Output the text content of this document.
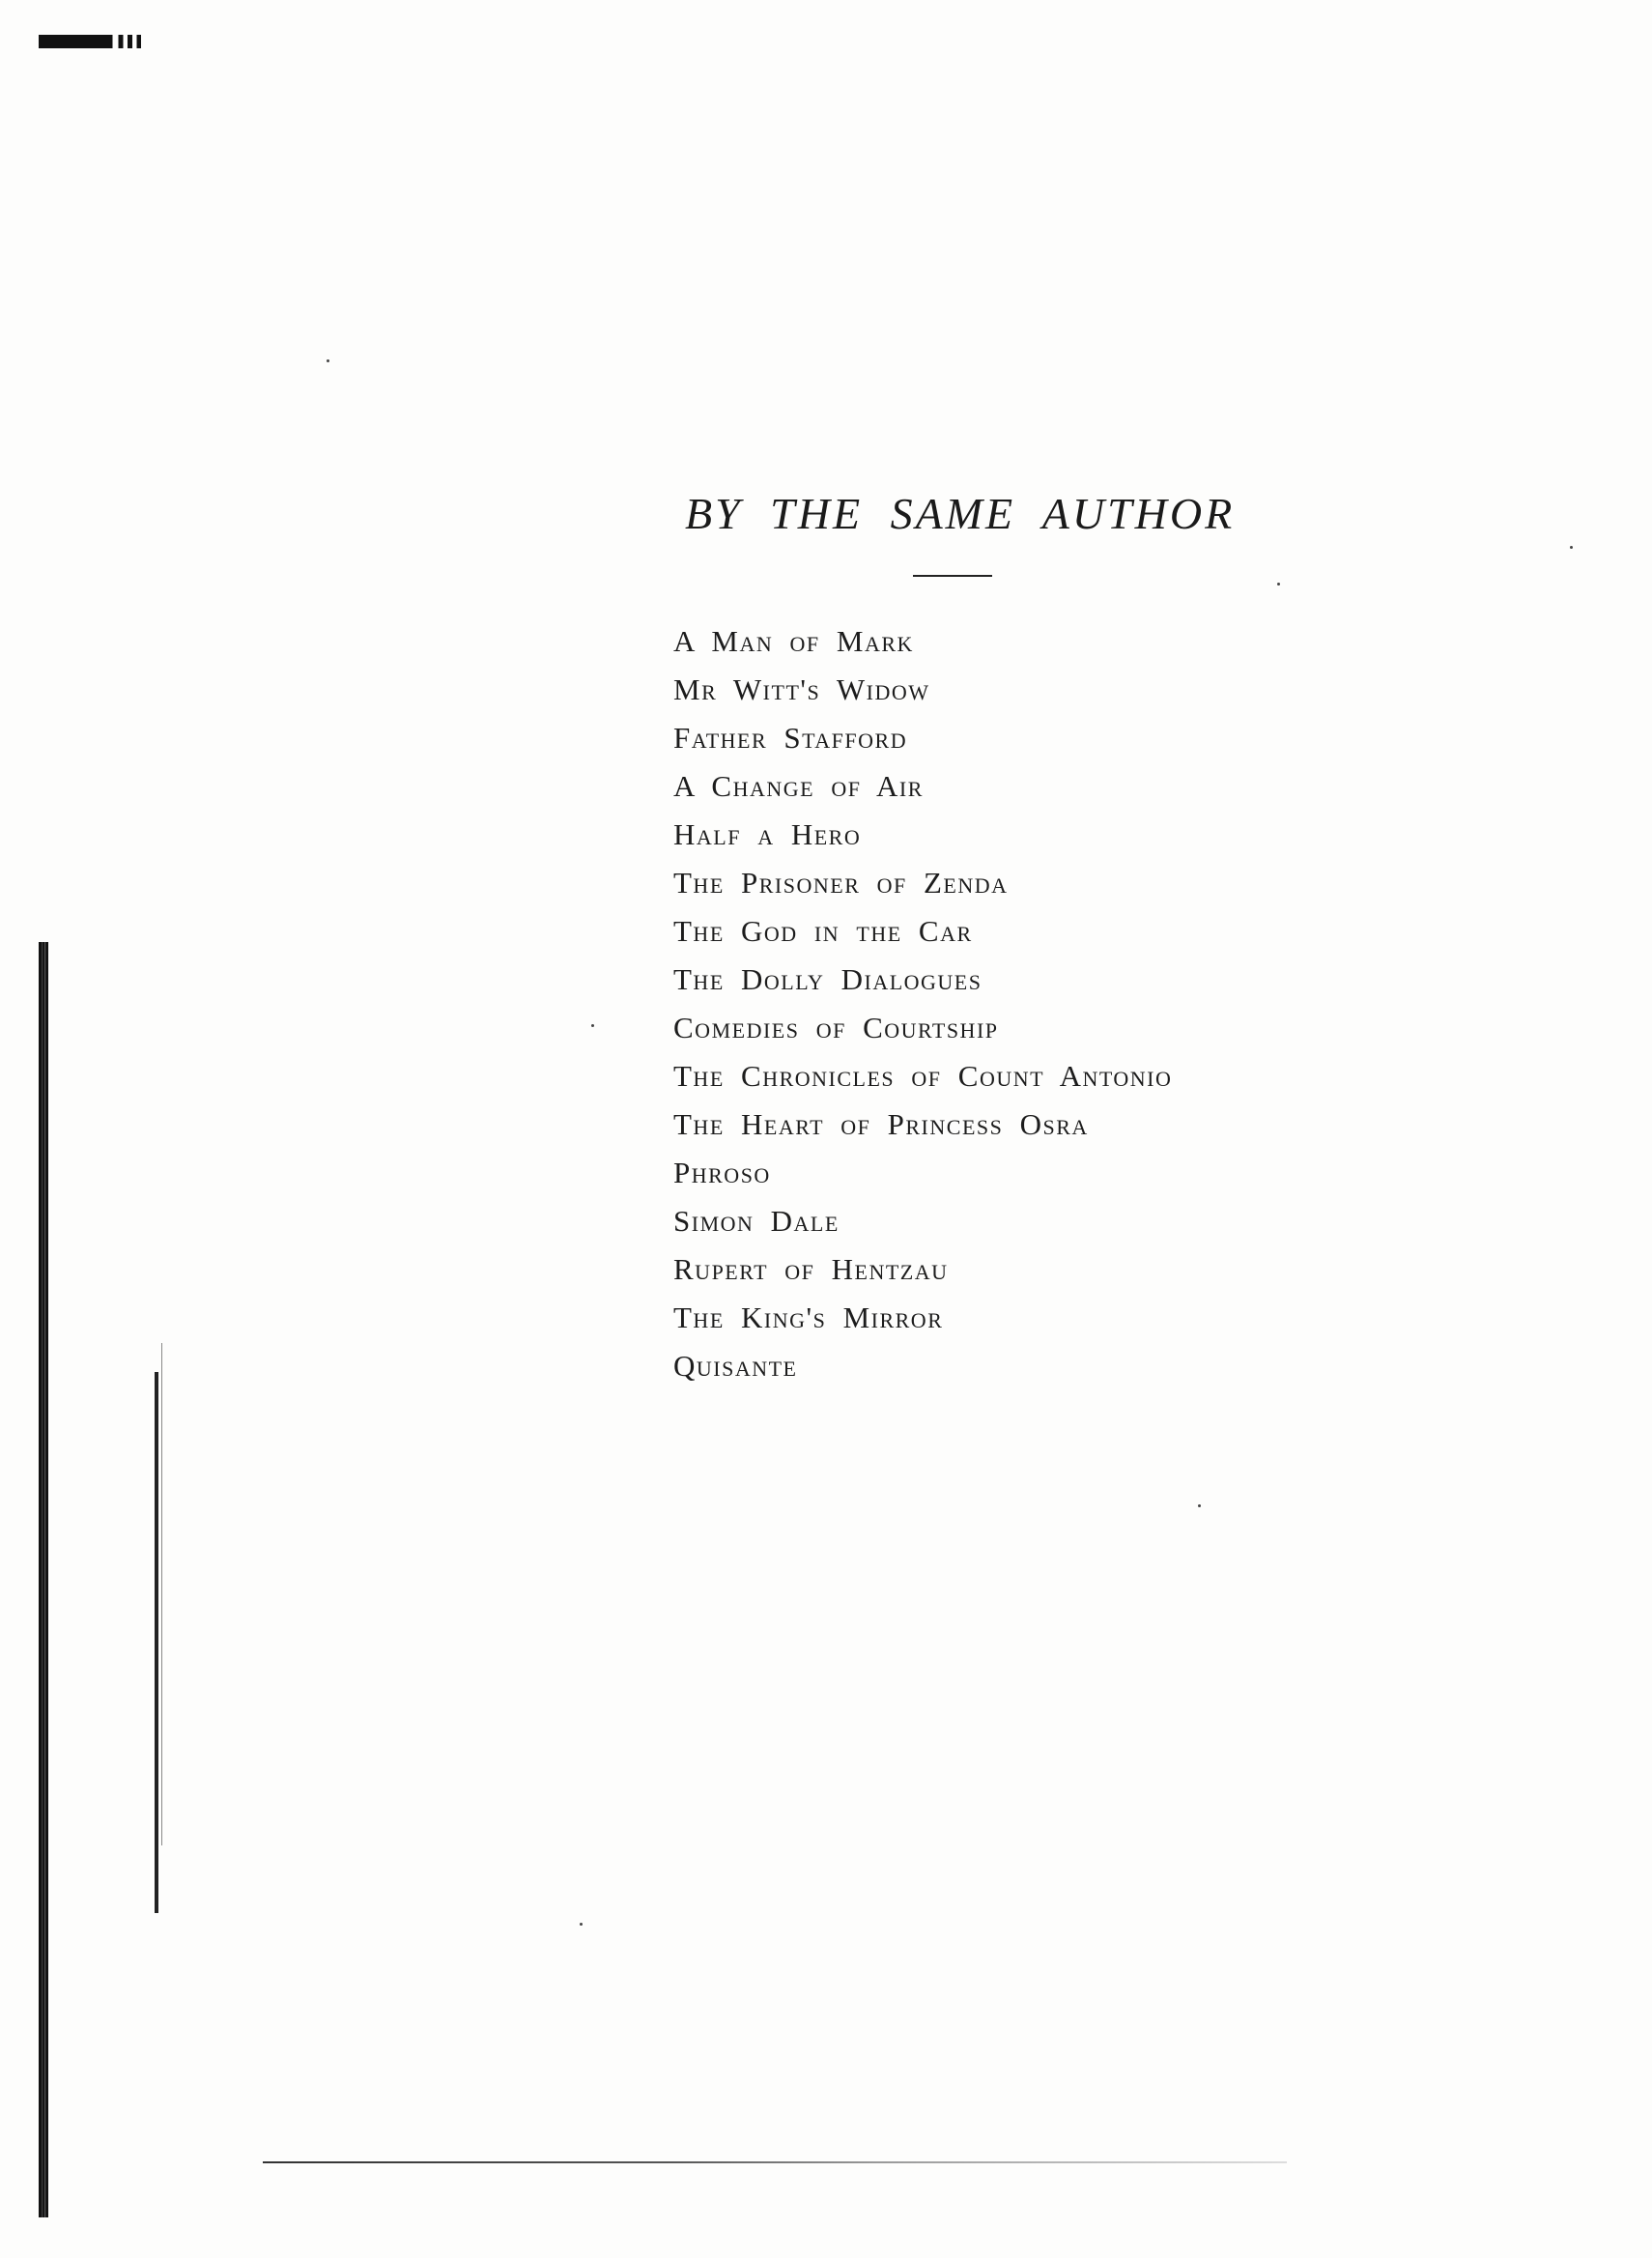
BY THE SAME AUTHOR
A Man of Mark
Mr Witt's Widow
Father Stafford
A Change of Air
Half a Hero
The Prisoner of Zenda
The God in the Car
The Dolly Dialogues
Comedies of Courtship
The Chronicles of Count Antonio
The Heart of Princess Osra
Phroso
Simon Dale
Rupert of Hentzau
The King's Mirror
Quisante
